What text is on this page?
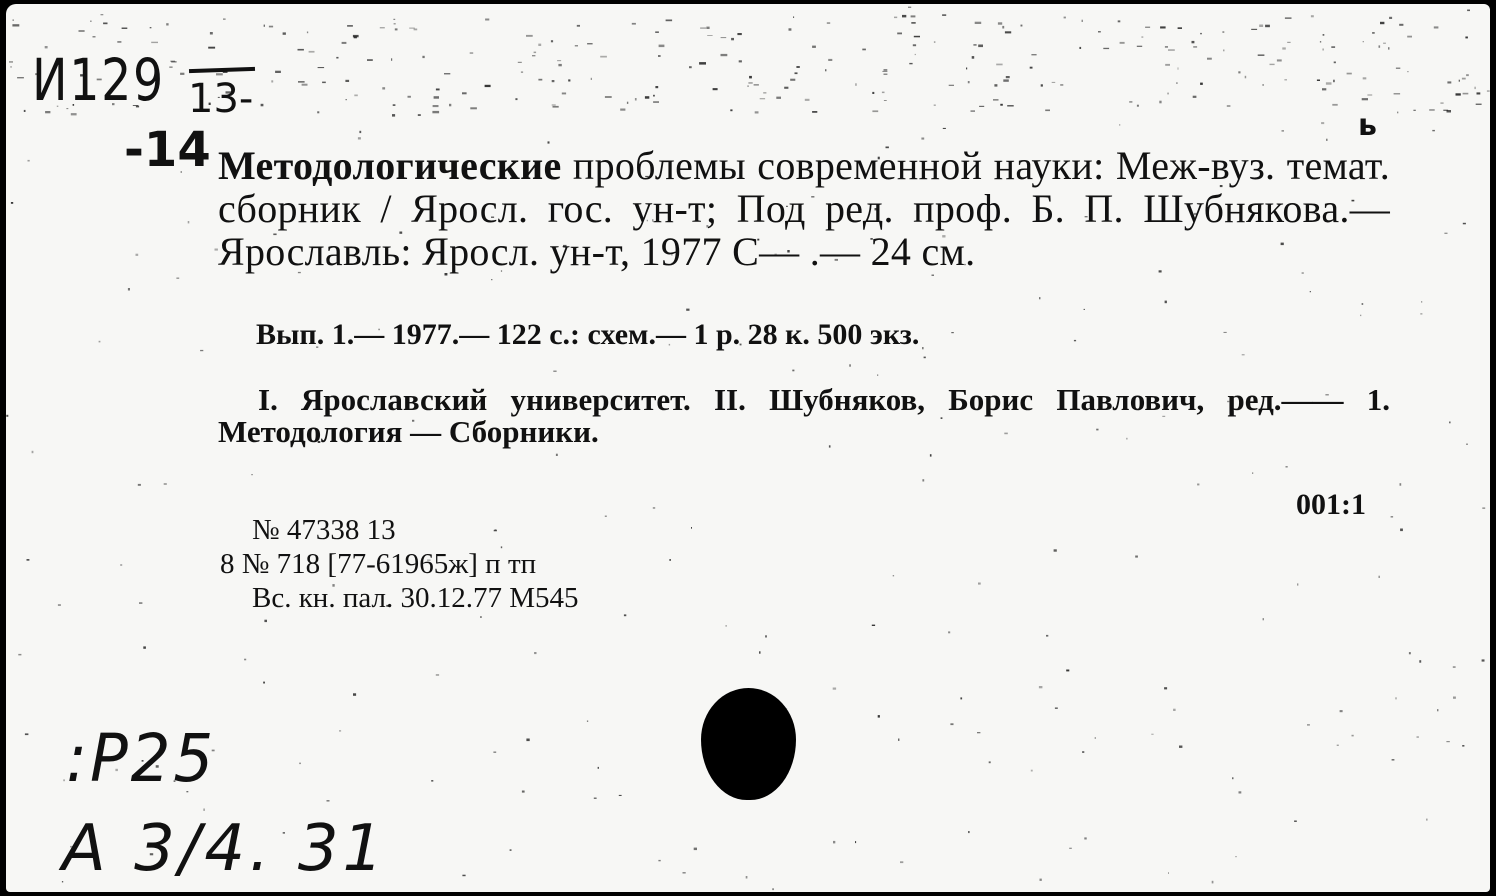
И129 13-
-14	ь
Методологические проблемы современной науки: Меж-вуз. темат. сборник / Яросл. гос. ун-т; Под ред. проф. Б. П. Шубнякова.— Ярославль: Яросл. ун-т, 1977 С— .— 24 см.
Вып. 1.— 1977.— 122 с.: схем.— 1 р. 28 к. 500 экз.
I. Ярославский университет. II. Шубняков, Борис Павлович, ред.—— 1. Методология — Сборники.
001:1
№ 47338 13
8 № 718 [77-61965ж] п тп
Вс. кн. пал. 30.12.77 М545
:Р25
А 3/4. 31
